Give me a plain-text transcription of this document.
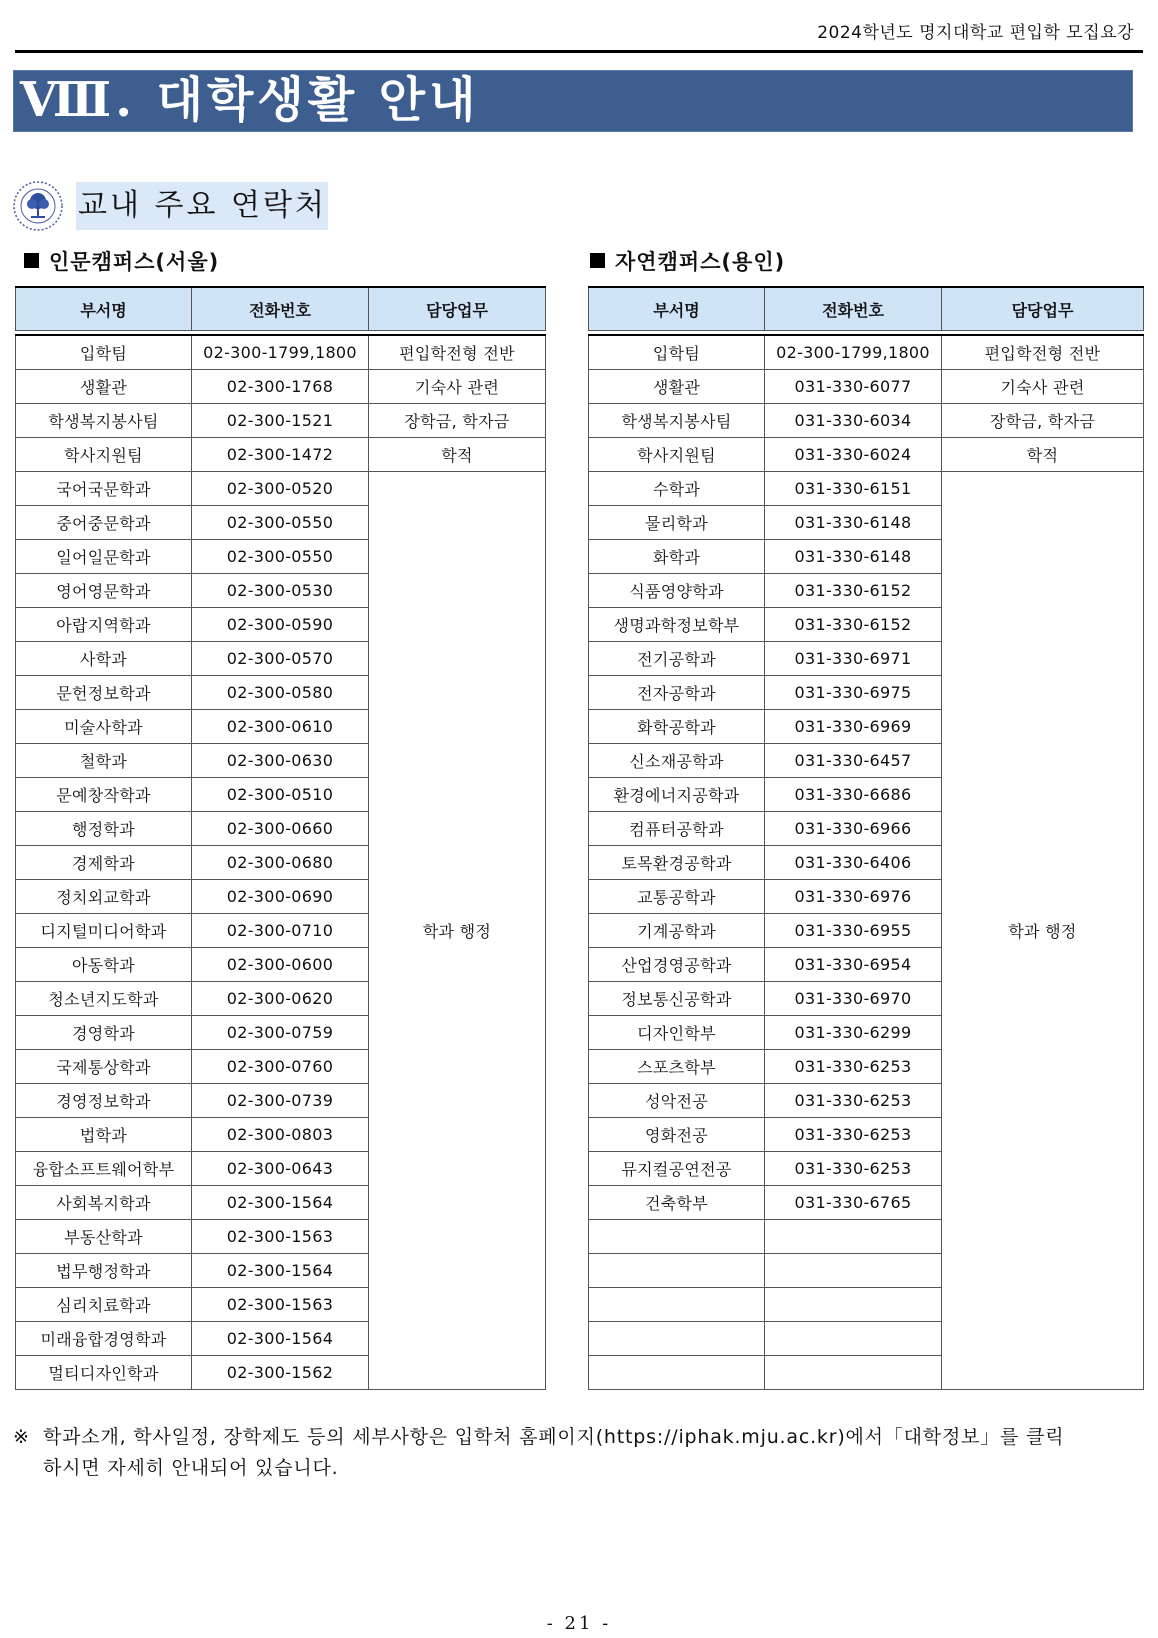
2024학년도 명지대학교 편입학 모집요강
Ⅷ. 대학생활 안내
교내 주요 연락처
인문캠퍼스(서울)	자연캠퍼스(용인)
부서명	전화번호	담당업무

입학팀	02-300-1799,1800	편입학전형 전반
생활관	02-300-1768	기숙사 관련
학생복지봉사팀	02-300-1521	장학금, 학자금
학사지원팀	02-300-1472	학적
국어국문학과	02-300-0520	학과 행정
중어중문학과	02-300-0550	
일어일문학과	02-300-0550	
영어영문학과	02-300-0530	
아랍지역학과	02-300-0590	
사학과	02-300-0570	
문헌정보학과	02-300-0580	
미술사학과	02-300-0610	
철학과	02-300-0630	
문예창작학과	02-300-0510	
행정학과	02-300-0660	
경제학과	02-300-0680	
정치외교학과	02-300-0690	
디지털미디어학과	02-300-0710	
아동학과	02-300-0600	
청소년지도학과	02-300-0620	
경영학과	02-300-0759	
국제통상학과	02-300-0760	
경영정보학과	02-300-0739	
법학과	02-300-0803	
융합소프트웨어학부	02-300-0643	
사회복지학과	02-300-1564	
부동산학과	02-300-1563	
법무행정학과	02-300-1564	
심리치료학과	02-300-1563	
미래융합경영학과	02-300-1564	
멀티디자인학과	02-300-1562	
부서명	전화번호	담당업무

입학팀	02-300-1799,1800	편입학전형 전반
생활관	031-330-6077	기숙사 관련
학생복지봉사팀	031-330-6034	장학금, 학자금
학사지원팀	031-330-6024	학적
수학과	031-330-6151	학과 행정
물리학과	031-330-6148	
화학과	031-330-6148	
식품영양학과	031-330-6152	
생명과학정보학부	031-330-6152	
전기공학과	031-330-6971	
전자공학과	031-330-6975	
화학공학과	031-330-6969	
신소재공학과	031-330-6457	
환경에너지공학과	031-330-6686	
컴퓨터공학과	031-330-6966	
토목환경공학과	031-330-6406	
교통공학과	031-330-6976	
기계공학과	031-330-6955	
산업경영공학과	031-330-6954	
정보통신공학과	031-330-6970	
디자인학부	031-330-6299	
스포츠학부	031-330-6253	
성악전공	031-330-6253	
영화전공	031-330-6253	
뮤지컬공연전공	031-330-6253	
건축학부	031-330-6765	

※ 학과소개, 학사일정, 장학제도 등의 세부사항은 입학처 홈페이지(https://iphak.mju.ac.kr)에서「대학정보」를 클릭
하시면 자세히 안내되어 있습니다.
- 21 -
